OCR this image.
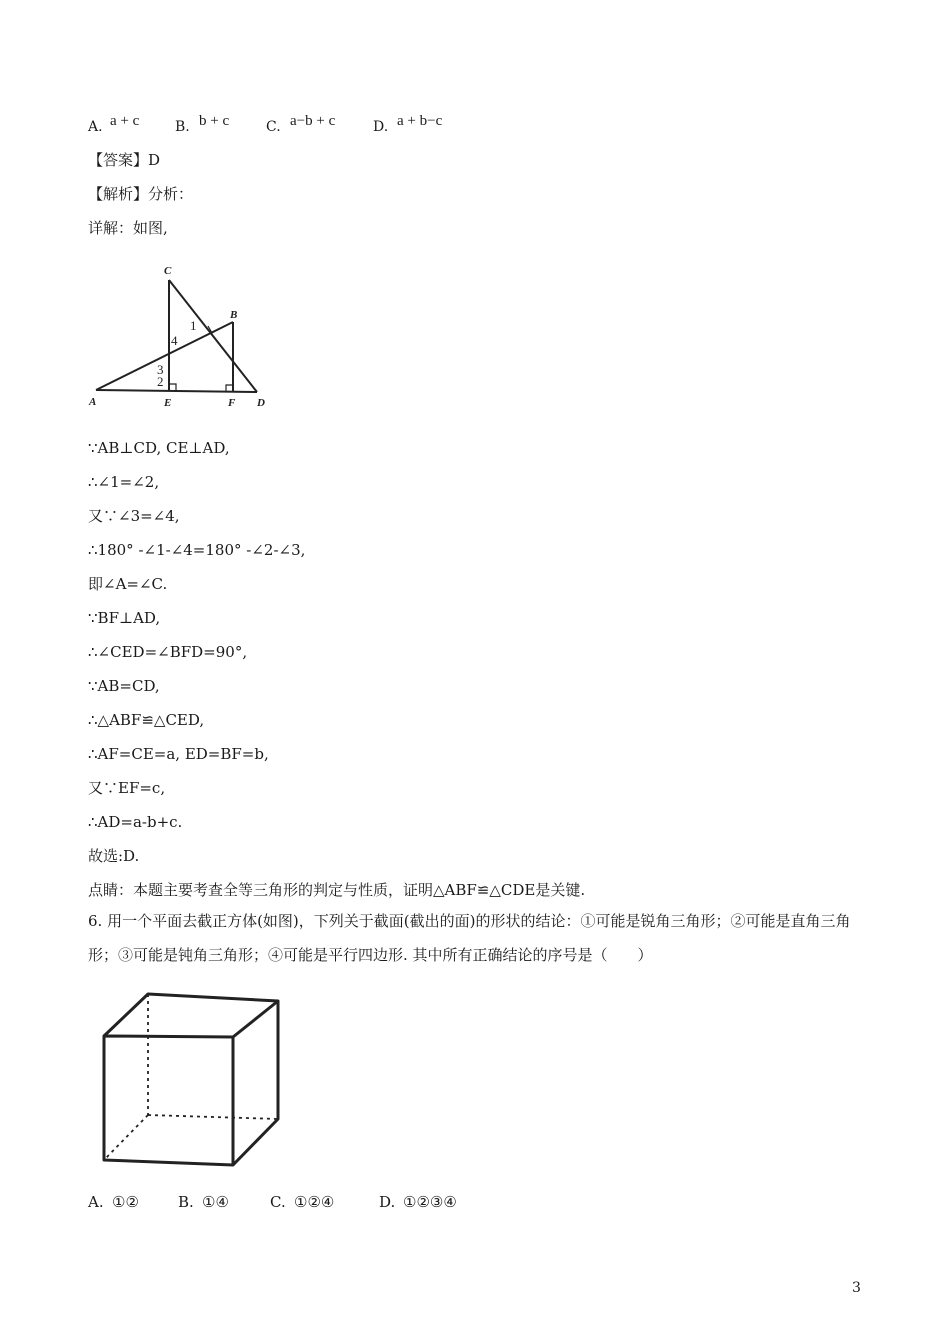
A. a + c	B. b + c	C. a−b + c	D. a + b−c
【答案】D
【解析】分析：
详解：如图,
C
B
A	E	F D
1
4
3
2
∵AB⊥CD, CE⊥AD,
∴∠1=∠2,
又∵∠3=∠4,
∴180° -∠1-∠4=180° -∠2-∠3,
即∠A=∠C.
∵BF⊥AD,
∴∠CED=∠BFD=90°,
∵AB=CD,
∴△ABF≌△CED,
∴AF=CE=a, ED=BF=b,
又∵EF=c,
∴AD=a-b+c.
故选:D.
点睛：本题主要考查全等三角形的判定与性质，证明△ABF≌△CDE是关键.
6. 用一个平面去截正方体(如图)，下列关于截面(截出的面)的形状的结论：①可能是锐角三角形；②可能是直角三角形；③可能是钝角三角形；④可能是平行四边形. 其中所有正确结论的序号是（　　）
A. ①②	B. ①④	C. ①②④	D. ①②③④
3
